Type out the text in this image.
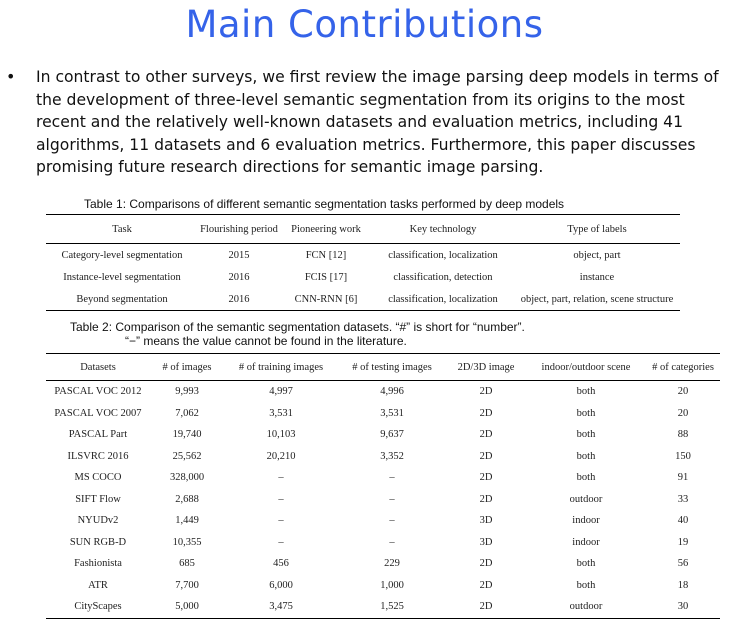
Main Contributions
• In contrast to other surveys, we first review the image parsing deep models in terms of the development of three-level semantic segmentation from its origins to the most recent and the relatively well-known datasets and evaluation metrics, including 41 algorithms, 11 datasets and 6 evaluation metrics. Furthermore, this paper discusses promising future research directions for semantic image parsing.
Table 1: Comparisons of different semantic segmentation tasks performed by deep models
Task	Flourishing period	Pioneering work	Key technology	Type of labels
Category-level segmentation	2015	FCN [12]	classification, localization	object, part
Instance-level segmentation	2016	FCIS [17]	classification, detection	instance
Beyond segmentation	2016	CNN-RNN [6]	classification, localization	object, part, relation, scene structure
Table 2: Comparison of the semantic segmentation datasets. “#” is short for “number”.
“−” means the value cannot be found in the literature.
Datasets	# of images	# of training images	# of testing images	2D/3D image	indoor/outdoor scene	# of categories
PASCAL VOC 2012	9,993	4,997	4,996	2D	both	20
PASCAL VOC 2007	7,062	3,531	3,531	2D	both	20
PASCAL Part	19,740	10,103	9,637	2D	both	88
ILSVRC 2016	25,562	20,210	3,352	2D	both	150
MS COCO	328,000	–	–	2D	both	91
SIFT Flow	2,688	–	–	2D	outdoor	33
NYUDv2	1,449	–	–	3D	indoor	40
SUN RGB-D	10,355	–	–	3D	indoor	19
Fashionista	685	456	229	2D	both	56
ATR	7,700	6,000	1,000	2D	both	18
CityScapes	5,000	3,475	1,525	2D	outdoor	30
